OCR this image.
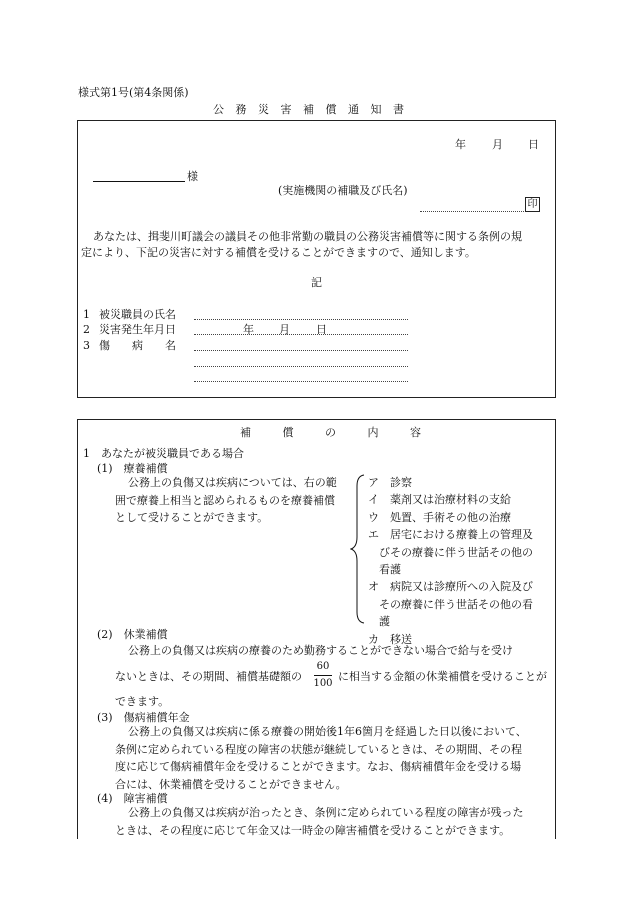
様式第1号(第4条関係)
公 務 災 害 補 償 通 知 書
年 月 日
様
(実施機関の補職及び氏名)
印
あなたは、揖斐川町議会の議員その他非常勤の職員の公務災害補償等に関する条例の規
定により、下記の災害に対する補償を受けることができますので、通知します。
記
1 被災職員の氏名
2 災害発生年月日	年 月 日
3 傷　　病　　名
補 償 の 内 容
1　あなたが被災職員である場合
(1)　療養補償

公務上の負傷又は疾病については、右の範

囲で療養上相当と認められるものを療養補償

として受けることができます。

ア　診察

イ　薬剤又は治療材料の支給

ウ　処置、手術その他の治療

エ　居宅における療養上の管理及

　びその療養に伴う世話その他の

　看護

オ　病院又は診療所への入院及び

　その療養に伴う世話その他の看

　護

カ　移送

(2)　休業補償
公務上の負傷又は疾病の療養のため勤務することができない場合で給与を受け
ないときは、その期間、補償基礎額の
60
100
に相当する金額の休業補償を受けることが
できます。
(3)　傷病補償年金

公務上の負傷又は疾病に係る療養の開始後1年6箇月を経過した日以後において、

条例に定められている程度の障害の状態が継続しているときは、その期間、その程

度に応じて傷病補償年金を受けることができます。なお、傷病補償年金を受ける場

合には、休業補償を受けることができません。

(4)　障害補償

公務上の負傷又は疾病が治ったとき、条例に定められている程度の障害が残った

ときは、その程度に応じて年金又は一時金の障害補償を受けることができます。
